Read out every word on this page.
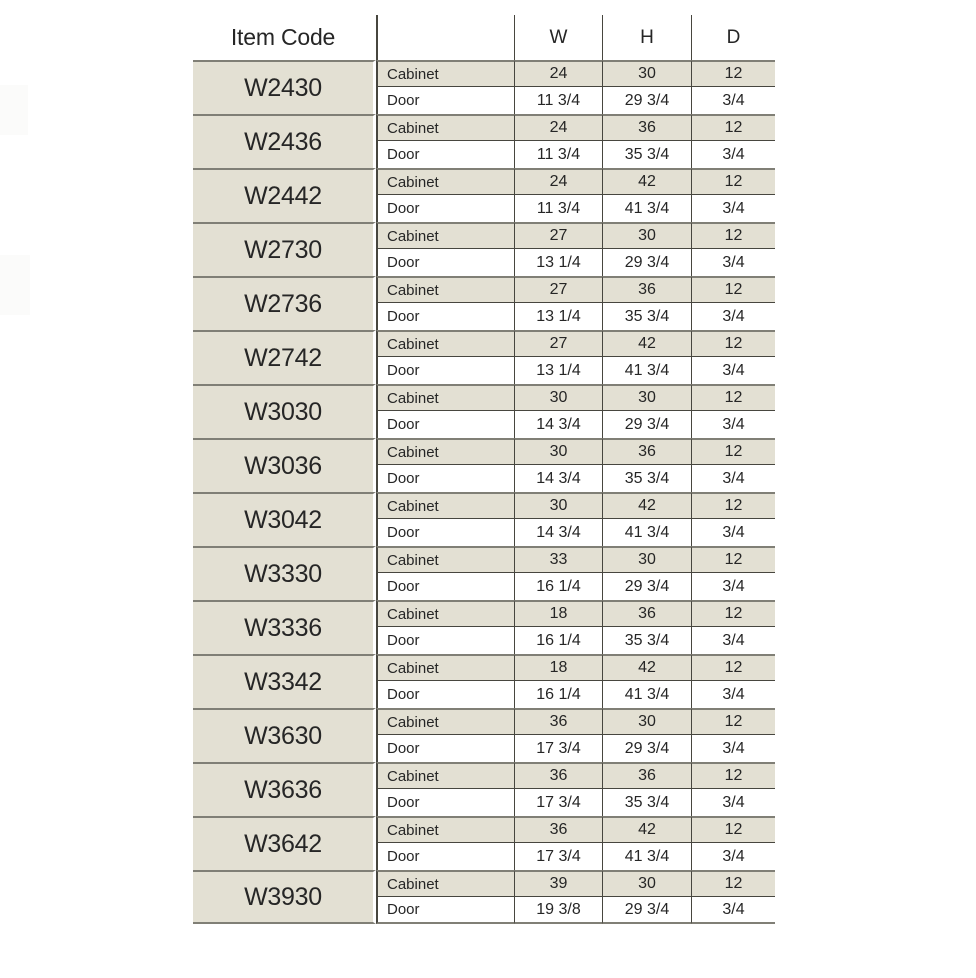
Item Code		W	H	D
W2430	Cabinet	24	30	12
	Door	11 3/4	29 3/4	3/4
W2436	Cabinet	24	36	12
	Door	11 3/4	35 3/4	3/4
W2442	Cabinet	24	42	12
	Door	11 3/4	41 3/4	3/4
W2730	Cabinet	27	30	12
	Door	13 1/4	29 3/4	3/4
W2736	Cabinet	27	36	12
	Door	13 1/4	35 3/4	3/4
W2742	Cabinet	27	42	12
	Door	13 1/4	41 3/4	3/4
W3030	Cabinet	30	30	12
	Door	14 3/4	29 3/4	3/4
W3036	Cabinet	30	36	12
	Door	14 3/4	35 3/4	3/4
W3042	Cabinet	30	42	12
	Door	14 3/4	41 3/4	3/4
W3330	Cabinet	33	30	12
	Door	16 1/4	29 3/4	3/4
W3336	Cabinet	18	36	12
	Door	16 1/4	35 3/4	3/4
W3342	Cabinet	18	42	12
	Door	16 1/4	41 3/4	3/4
W3630	Cabinet	36	30	12
	Door	17 3/4	29 3/4	3/4
W3636	Cabinet	36	36	12
	Door	17 3/4	35 3/4	3/4
W3642	Cabinet	36	42	12
	Door	17 3/4	41 3/4	3/4
W3930	Cabinet	39	30	12
	Door	19 3/8	29 3/4	3/4
